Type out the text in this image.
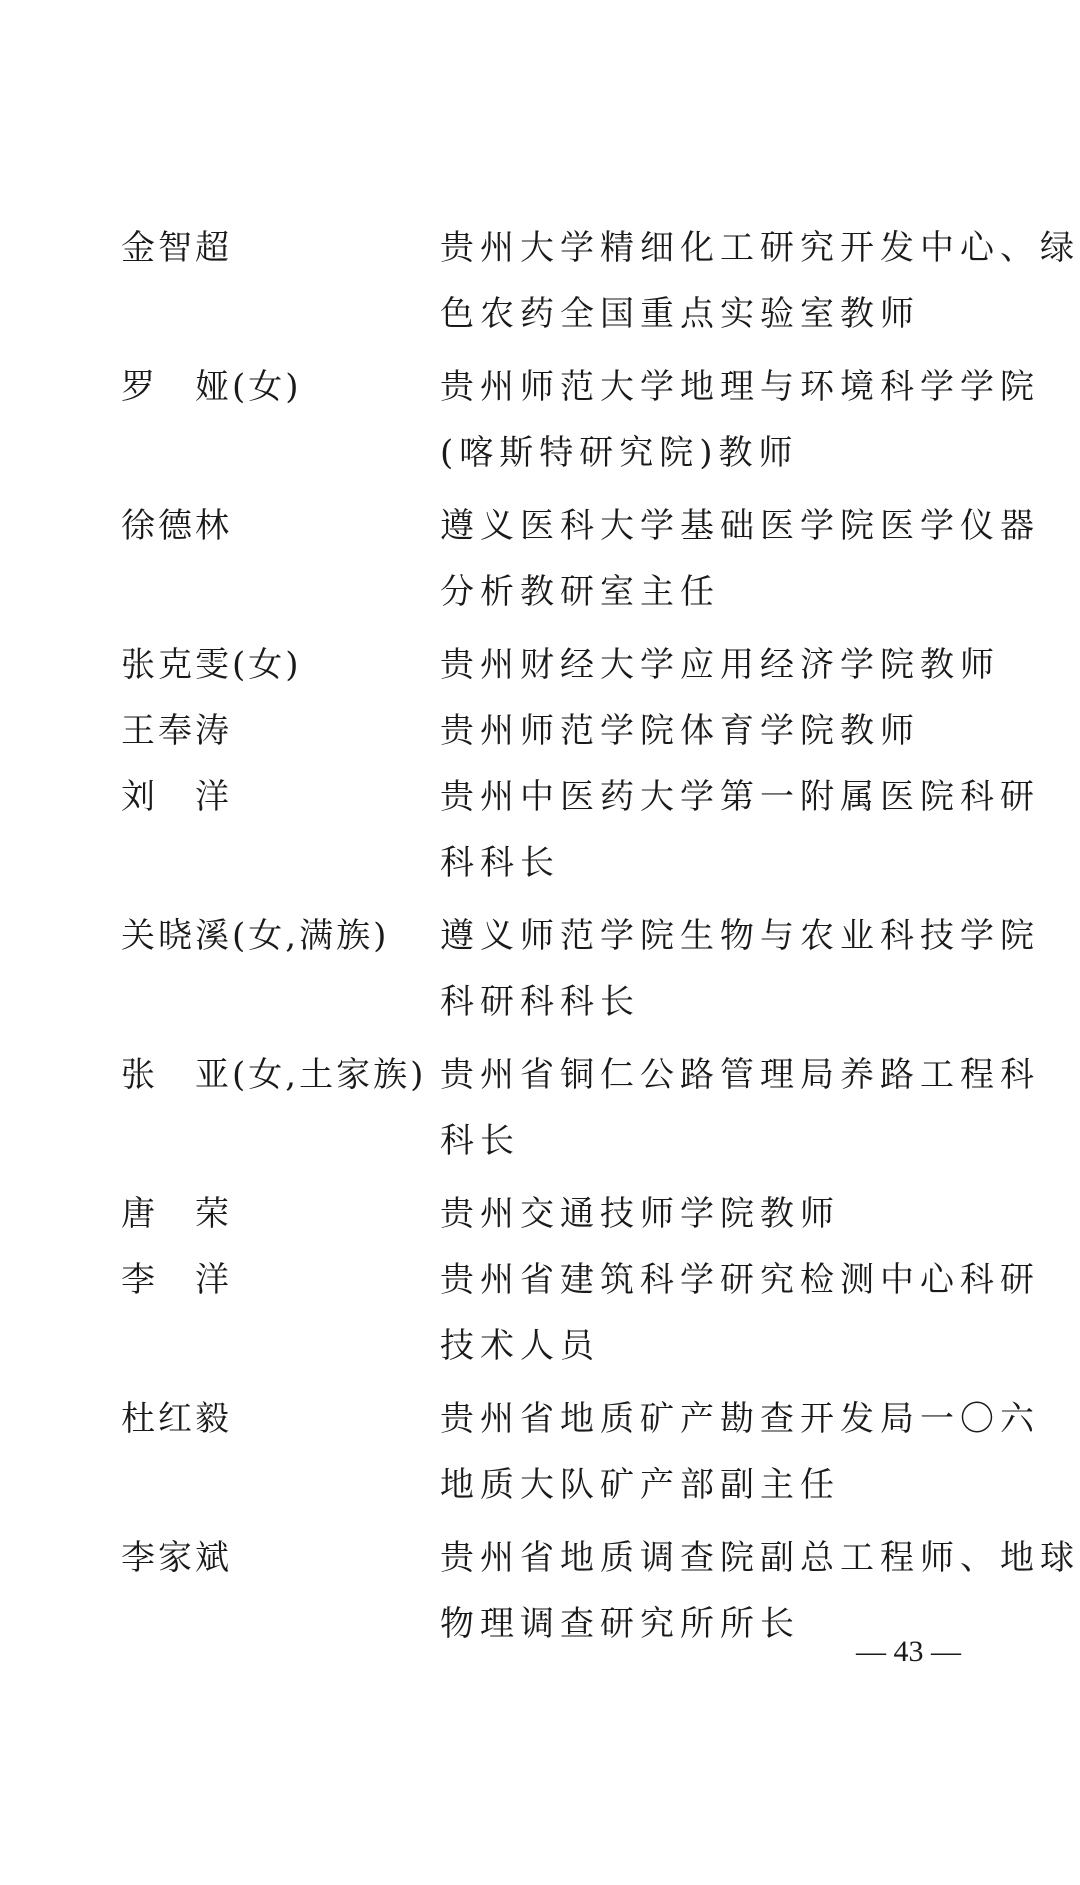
金智超	贵州大学精细化工研究开发中心、绿
色农药全国重点实验室教师
罗　娅(女)	贵州师范大学地理与环境科学学院
(喀斯特研究院)教师
徐德林	遵义医科大学基础医学院医学仪器
分析教研室主任
张克雯(女)	贵州财经大学应用经济学院教师
王奉涛	贵州师范学院体育学院教师
刘　洋	贵州中医药大学第一附属医院科研
科科长
关晓溪(女,满族)	遵义师范学院生物与农业科技学院
科研科科长
张　亚(女,土家族) 贵州省铜仁公路管理局养路工程科
科长
唐　荣	贵州交通技师学院教师
李　洋	贵州省建筑科学研究检测中心科研
技术人员
杜红毅	贵州省地质矿产勘查开发局一〇六
地质大队矿产部副主任
李家斌	贵州省地质调查院副总工程师、地球
物理调查研究所所长
— 43 —
